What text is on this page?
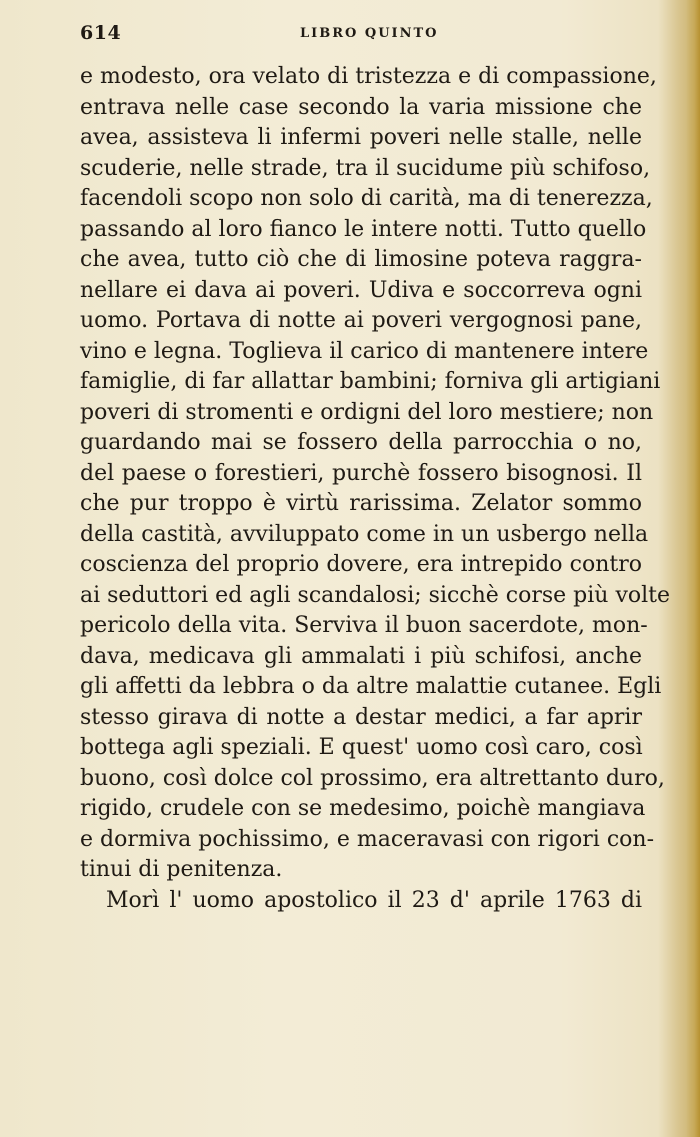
614	LIBRO QUINTO
e modesto, ora velato di tristezza e di compassione,
entrava nelle case secondo la varia missione che
avea, assisteva li infermi poveri nelle stalle, nelle
scuderie, nelle strade, tra il sucidume più schifoso,
facendoli scopo non solo di carità, ma di tenerezza,
passando al loro fianco le intere notti. Tutto quello
che avea, tutto ciò che di limosine poteva raggra-
nellare ei dava ai poveri. Udiva e soccorreva ogni
uomo. Portava di notte ai poveri vergognosi pane,
vino e legna. Toglieva il carico di mantenere intere
famiglie, di far allattar bambini; forniva gli artigiani
poveri di stromenti e ordigni del loro mestiere; non
guardando mai se fossero della parrocchia o no,
del paese o forestieri, purchè fossero bisognosi. Il
che pur troppo è virtù rarissima. Zelator sommo
della castità, avviluppato come in un usbergo nella
coscienza del proprio dovere, era intrepido contro
ai seduttori ed agli scandalosi; sicchè corse più volte
pericolo della vita. Serviva il buon sacerdote, mon-
dava, medicava gli ammalati i più schifosi, anche
gli affetti da lebbra o da altre malattie cutanee. Egli
stesso girava di notte a destar medici, a far aprir
bottega agli speziali. E quest' uomo così caro, così
buono, così dolce col prossimo, era altrettanto duro,
rigido, crudele con se medesimo, poichè mangiava
e dormiva pochissimo, e maceravasi con rigori con-
tinui di penitenza.
Morì l' uomo apostolico il 23 d' aprile 1763 di
